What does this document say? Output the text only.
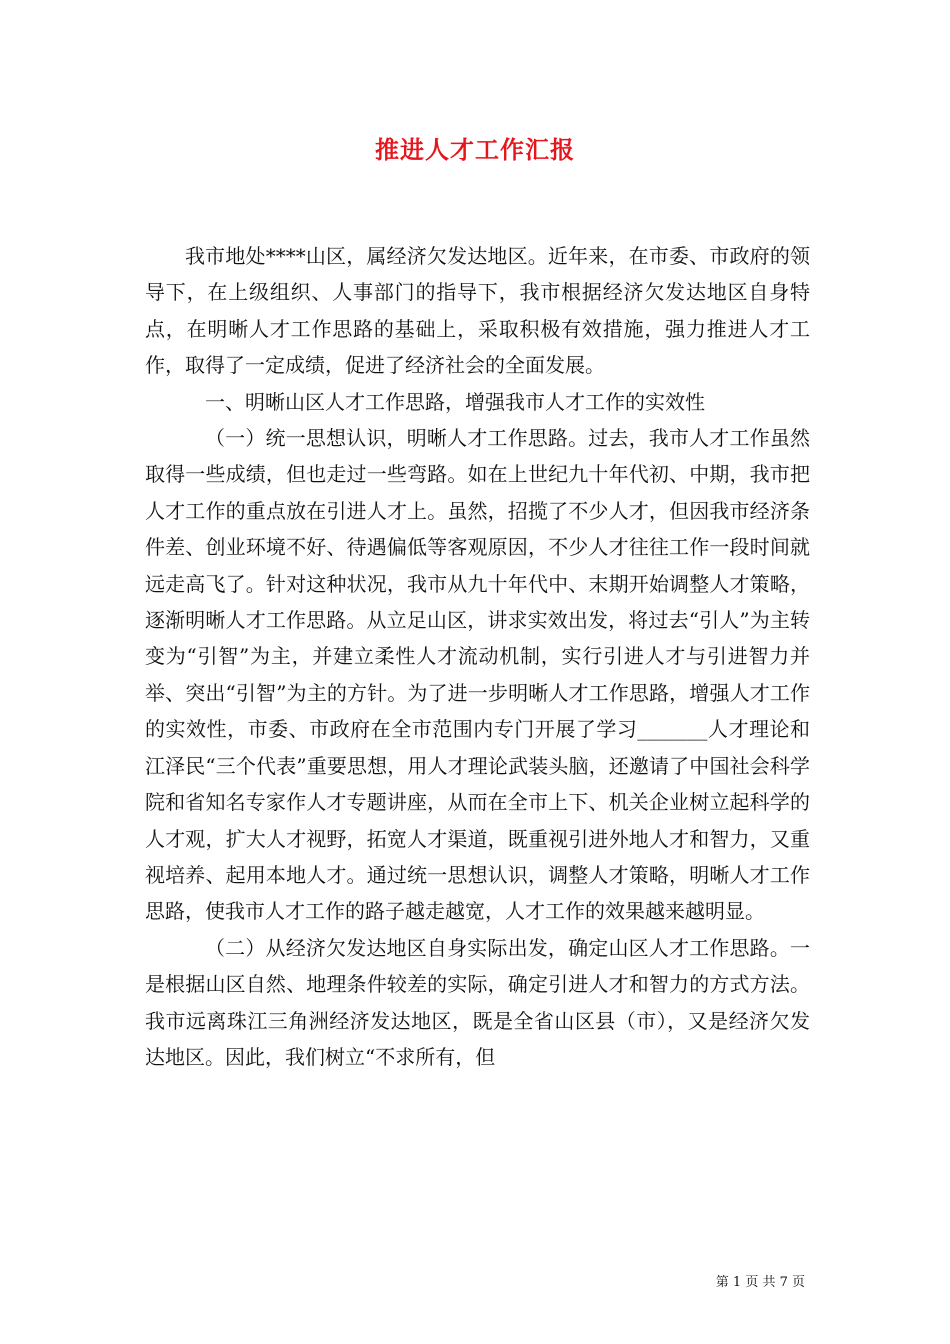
推进人才工作汇报

我市地处****山区，属经济欠发达地区。近年来，在市委、市政府的领导下，在上级组织、人事部门的指导下，我市根据经济欠发达地区自身特点，在明晰人才工作思路的基础上，采取积极有效措施，强力推进人才工作，取得了一定成绩，促进了经济社会的全面发展。

一、明晰山区人才工作思路，增强我市人才工作的实效性

（一）统一思想认识，明晰人才工作思路。过去，我市人才工作虽然取得一些成绩，但也走过一些弯路。如在上世纪九十年代初、中期，我市把人才工作的重点放在引进人才上。虽然，招揽了不少人才，但因我市经济条件差、创业环境不好、待遇偏低等客观原因，不少人才往往工作一段时间就远走高飞了。针对这种状况，我市从九十年代中、末期开始调整人才策略，逐渐明晰人才工作思路。从立足山区，讲求实效出发，将过去“引人”为主转变为“引智”为主，并建立柔性人才流动机制，实行引进人才与引进智力并举、突出“引智”为主的方针。为了进一步明晰人才工作思路，增强人才工作的实效性，市委、市政府在全市范围内专门开展了学习_______人才理论和江泽民“三个代表”重要思想，用人才理论武装头脑，还邀请了中国社会科学院和省知名专家作人才专题讲座，从而在全市上下、机关企业树立起科学的人才观，扩大人才视野，拓宽人才渠道，既重视引进外地人才和智力，又重视培养、起用本地人才。通过统一思想认识，调整人才策略，明晰人才工作思路，使我市人才工作的路子越走越宽，人才工作的效果越来越明显。

（二）从经济欠发达地区自身实际出发，确定山区人才工作思路。一是根据山区自然、地理条件较差的实际，确定引进人才和智力的方式方法。我市远离珠江三角洲经济发达地区，既是全省山区县（市），又是经济欠发达地区。因此，我们树立“不求所有，但

第 1 页 共 7 页
